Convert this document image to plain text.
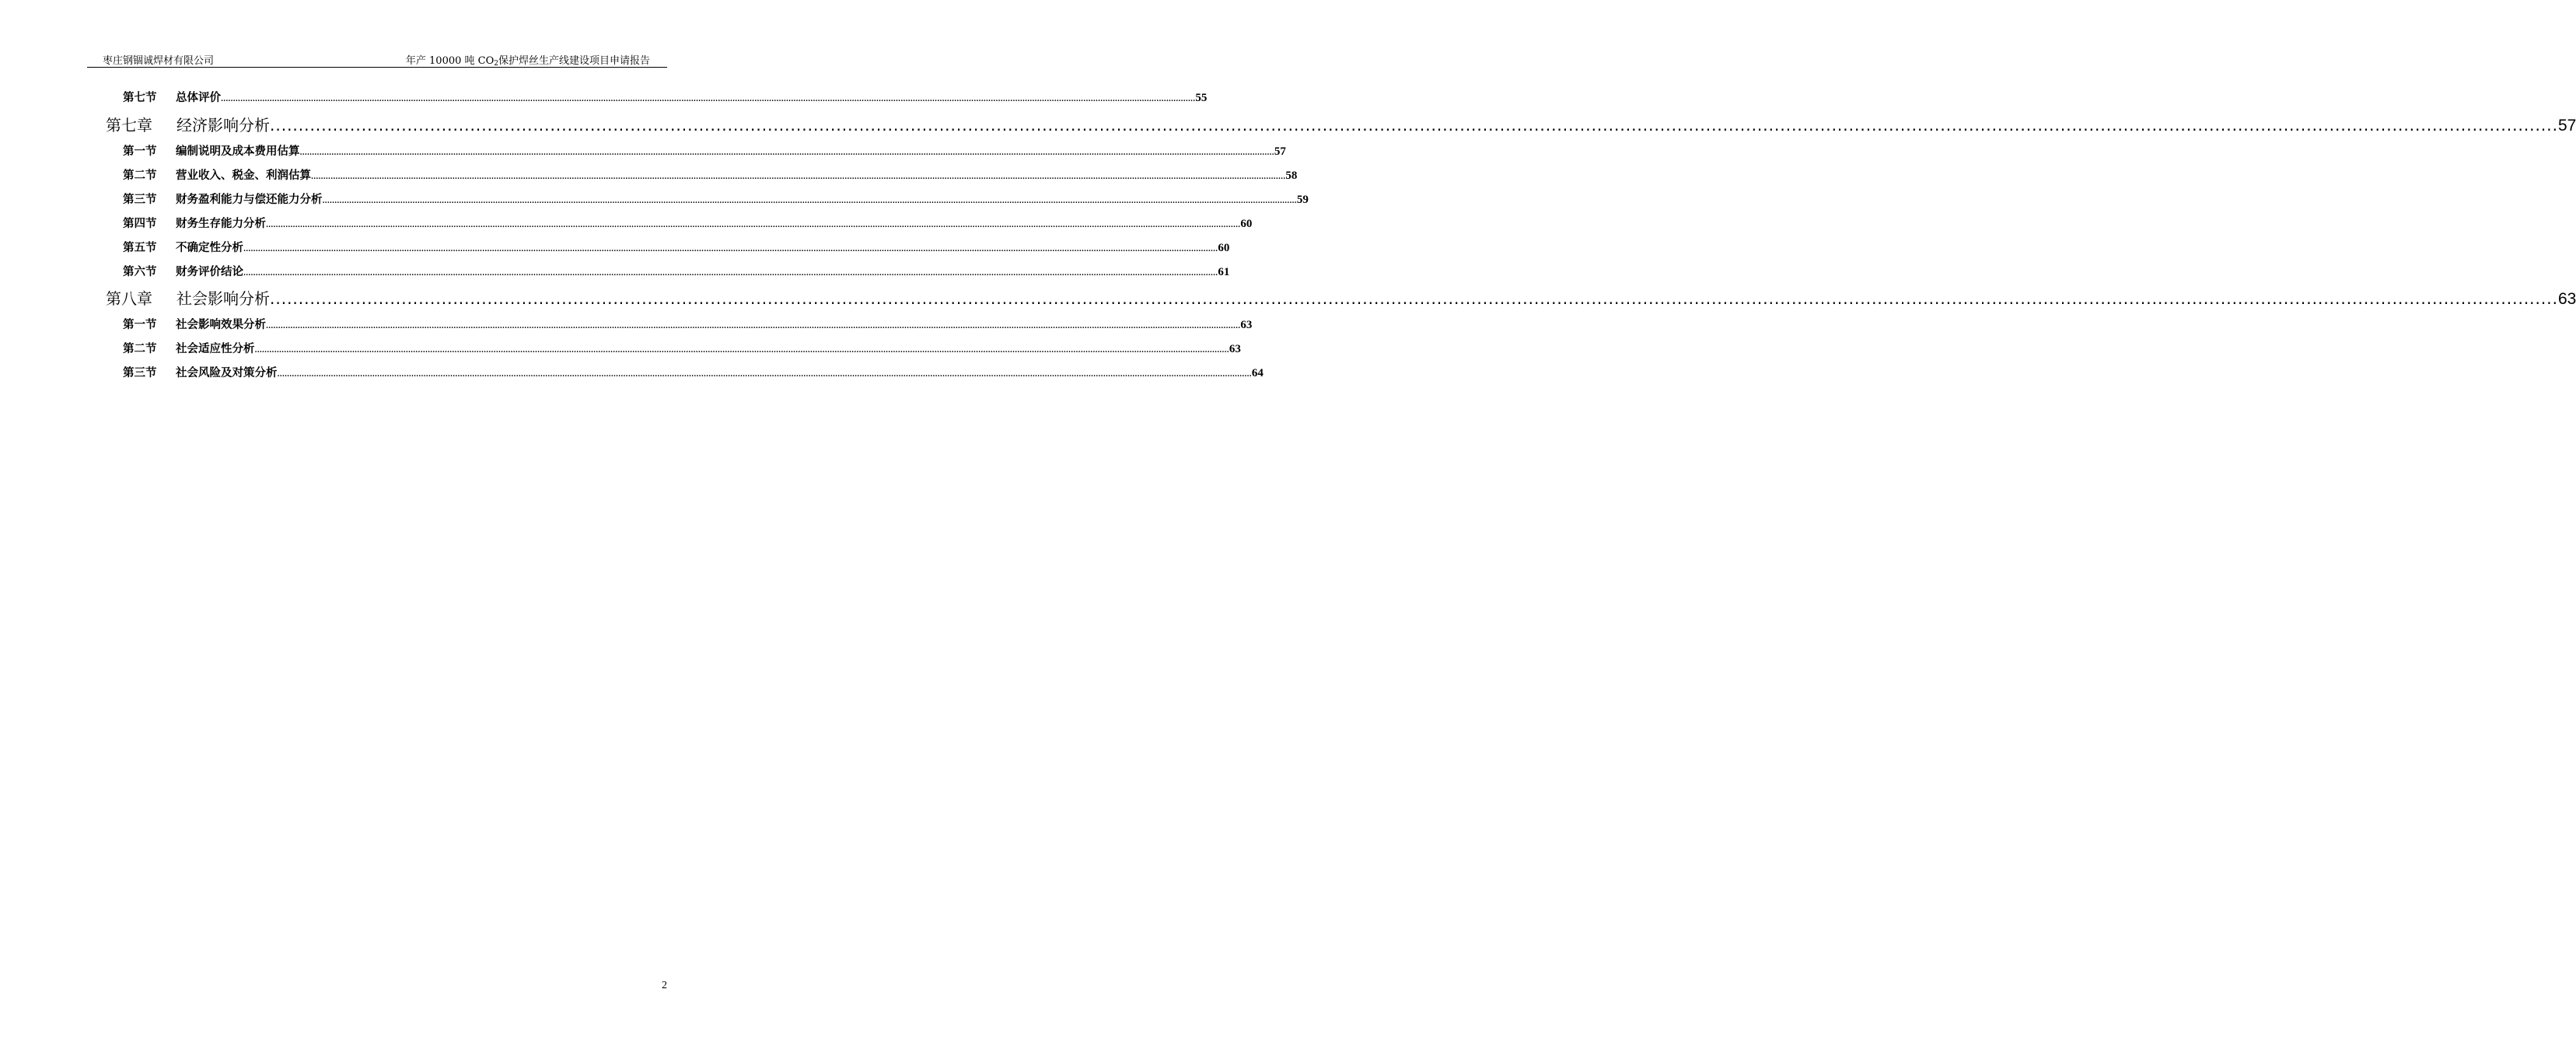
枣庄钢锢诚焊材有限公司	年产 10000 吨 $CO_2$保护焊丝生产线建设项目申请报告
第七节	总体评价 ................................................................................................................................................................................................................................................................................................................................................................................................................ 55
第七章	经济影响分析 ................................................................................................................................................................................................................................................................................................................................................................................................................ 57
第一节	编制说明及成本费用估算 ................................................................................................................................................................................................................................................................................................................................................................................................................ 57
第二节	营业收入、税金、利润估算 ................................................................................................................................................................................................................................................................................................................................................................................................................ 58
第三节	财务盈利能力与偿还能力分析 ................................................................................................................................................................................................................................................................................................................................................................................................................ 59
第四节	财务生存能力分析 ................................................................................................................................................................................................................................................................................................................................................................................................................ 60
第五节	不确定性分析 ................................................................................................................................................................................................................................................................................................................................................................................................................ 60
第六节	财务评价结论 ................................................................................................................................................................................................................................................................................................................................................................................................................ 61
第八章	社会影响分析 ................................................................................................................................................................................................................................................................................................................................................................................................................ 63
第一节	社会影响效果分析 ................................................................................................................................................................................................................................................................................................................................................................................................................ 63
第二节	社会适应性分析 ................................................................................................................................................................................................................................................................................................................................................................................................................ 63
第三节	社会风险及对策分析 ................................................................................................................................................................................................................................................................................................................................................................................................................ 64
2
